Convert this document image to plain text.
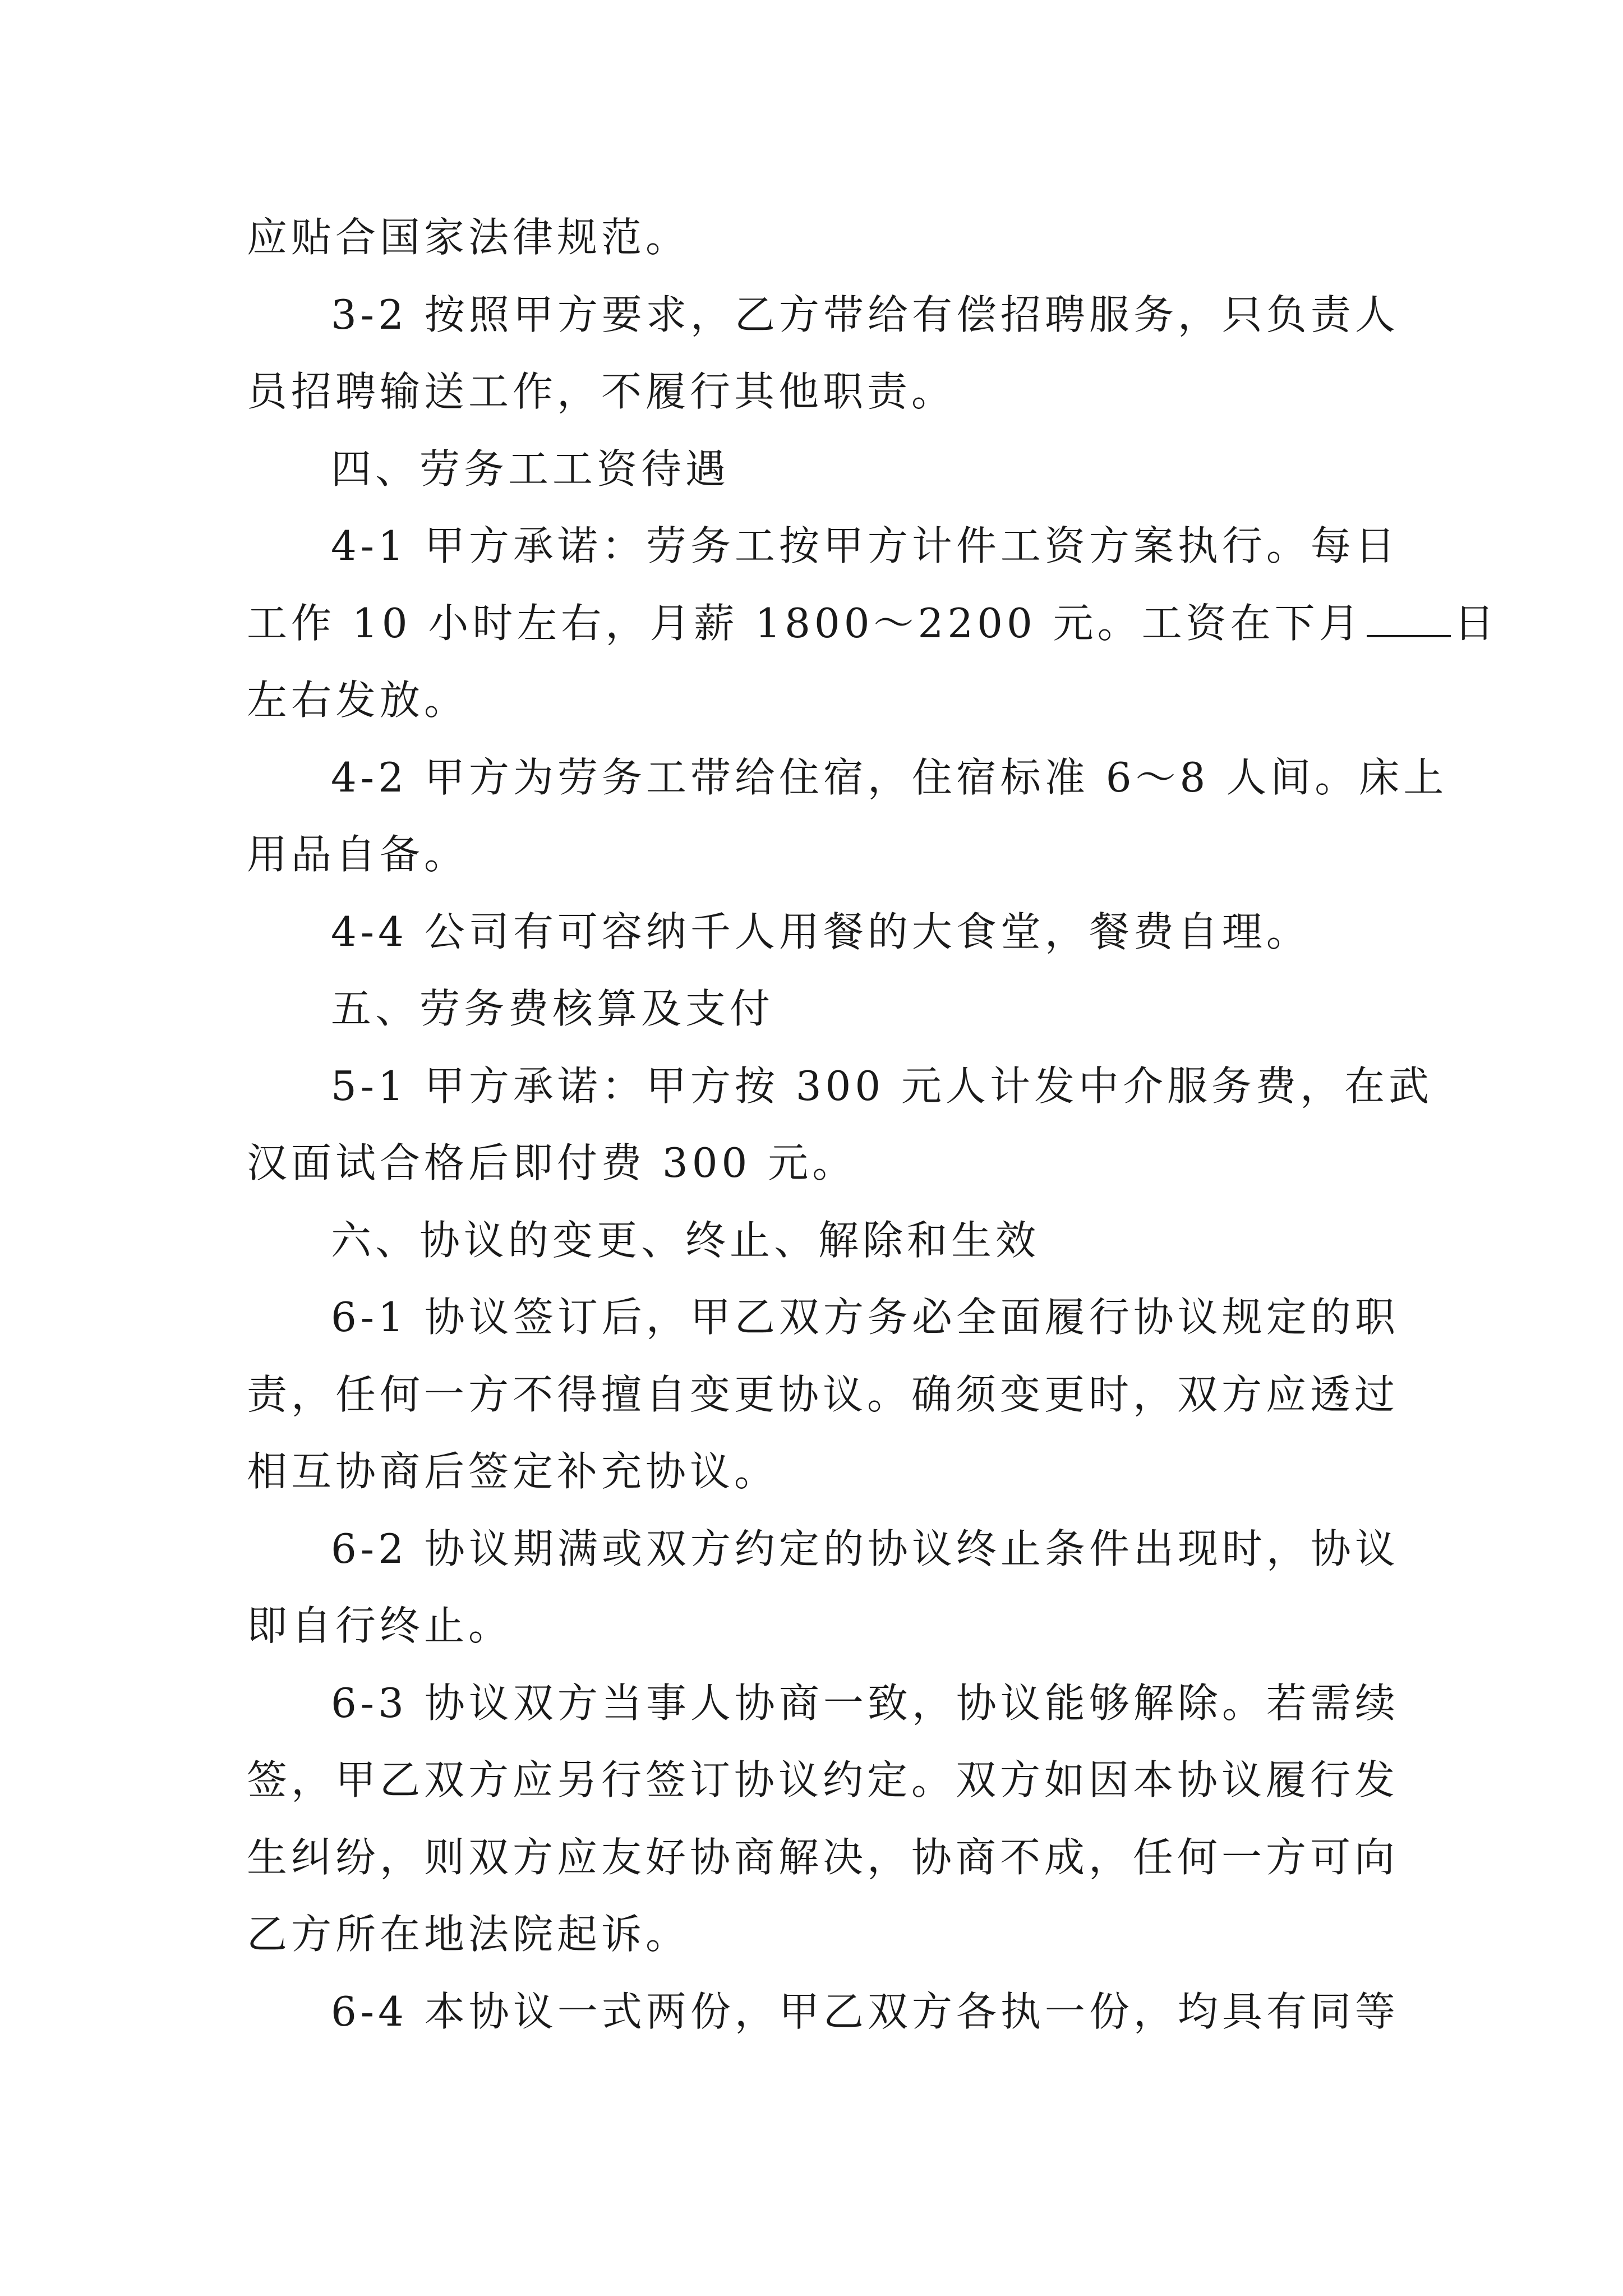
应贴合国家法律规范。
3-2 按照甲方要求，乙方带给有偿招聘服务，只负责人
员招聘输送工作，不履行其他职责。
四、劳务工工资待遇
4-1 甲方承诺：劳务工按甲方计件工资方案执行。每日
工作 10 小时左右，月薪 1800～2200 元。工资在下月 日
左右发放。
4-2 甲方为劳务工带给住宿，住宿标准 6～8 人间。床上
用品自备。
4-4 公司有可容纳千人用餐的大食堂，餐费自理。
五、劳务费核算及支付
5-1 甲方承诺：甲方按 300 元人计发中介服务费，在武
汉面试合格后即付费 300 元。
六、协议的变更、终止、解除和生效
6-1 协议签订后，甲乙双方务必全面履行协议规定的职
责，任何一方不得擅自变更协议。确须变更时，双方应透过
相互协商后签定补充协议。
6-2 协议期满或双方约定的协议终止条件出现时，协议
即自行终止。
6-3 协议双方当事人协商一致，协议能够解除。若需续
签，甲乙双方应另行签订协议约定。双方如因本协议履行发
生纠纷，则双方应友好协商解决，协商不成，任何一方可向
乙方所在地法院起诉。
6-4 本协议一式两份，甲乙双方各执一份，均具有同等
